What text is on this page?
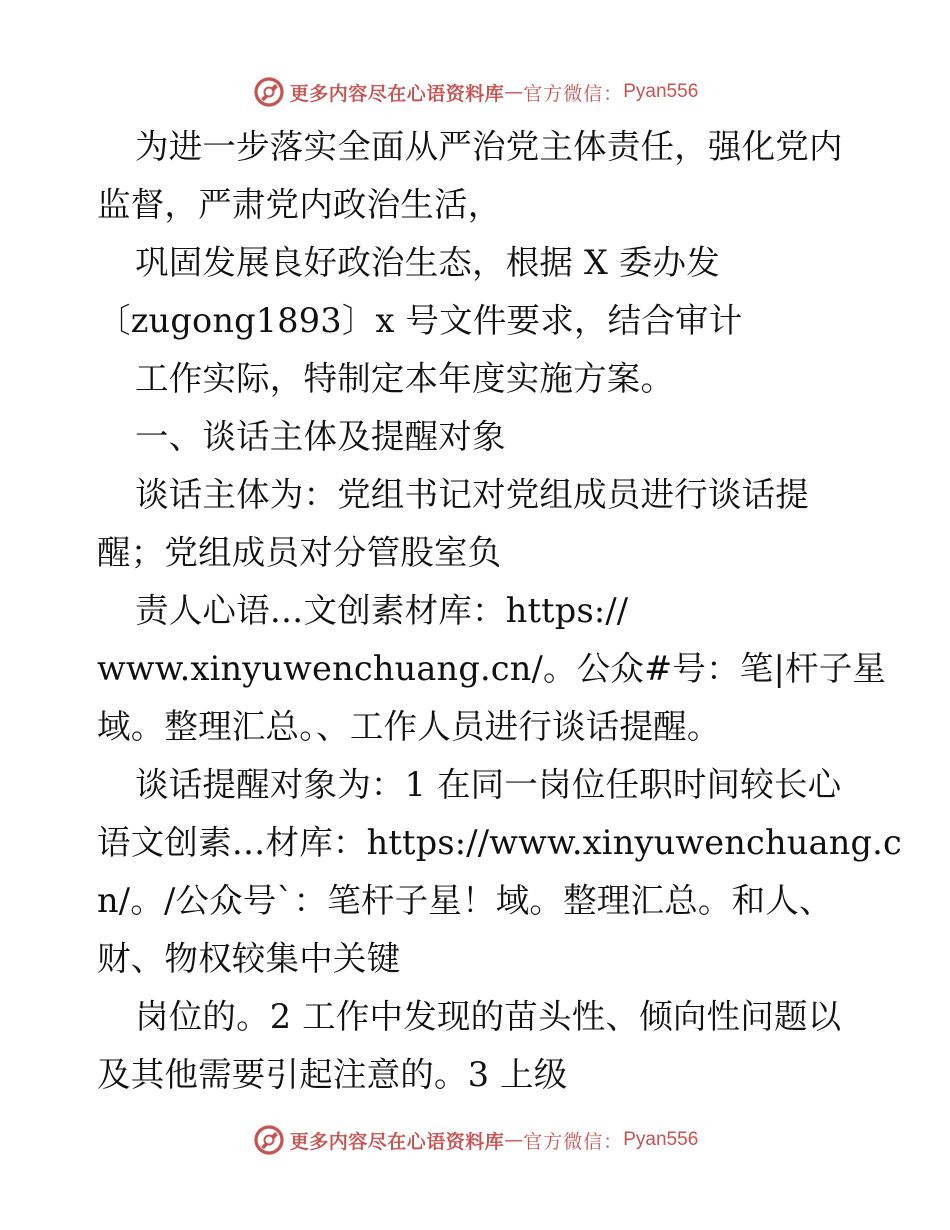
更多内容尽在心语资料库 — 官方微信： Pyan556
为进一步落实全面从严治党主体责任，强化党内
监督，严肃党内政治生活，
巩固发展良好政治生态，根据 X 委办发
〔zugong1893〕x 号文件要求，结合审计
工作实际，特制定本年度实施方案。
一、谈话主体及提醒对象
谈话主体为：党组书记对党组成员进行谈话提
醒；党组成员对分管股室负
责人心语…文创素材库：https://
www.xinyuwenchuang.cn/。公众#号：笔|杆子星
域。整理汇总。、工作人员进行谈话提醒。
谈话提醒对象为：1 在同一岗位任职时间较长心
语文创素…材库：https://www.xinyuwenchuang.c
n/。/公众号`：笔杆子星！域。整理汇总。和人、
财、物权较集中关键
岗位的。2 工作中发现的苗头性、倾向性问题以
及其他需要引起注意的。3 上级
更多内容尽在心语资料库 — 官方微信： Pyan556
